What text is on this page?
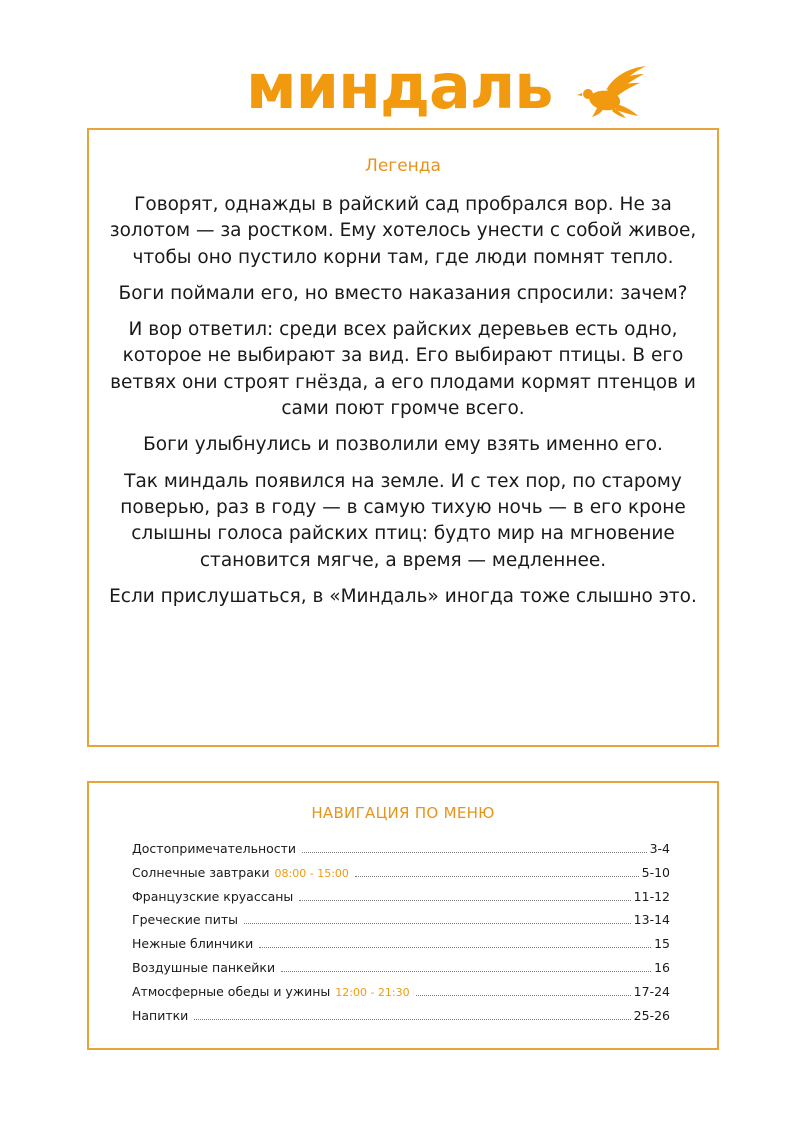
миндаль
Легенда

Говорят, однажды в райский сад пробрался вор. Не за золотом — за ростком. Ему хотелось унести с собой живое, чтобы оно пустило корни там, где люди помнят тепло.

Боги поймали его, но вместо наказания спросили: зачем?

И вор ответил: среди всех райских деревьев есть одно, которое не выбирают за вид. Его выбирают птицы. В его ветвях они строят гнёзда, а его плодами кормят птенцов и сами поют громче всего.

Боги улыбнулись и позволили ему взять именно его.

Так миндаль появился на земле. И с тех пор, по старому поверью, раз в году — в самую тихую ночь — в его кроне слышны голоса райских птиц: будто мир на мгновение становится мягче, а время — медленнее.

Если прислушаться, в «Миндаль» иногда тоже слышно это.

НАВИГАЦИЯ ПО МЕНЮ
Достопримечательности	3-4
Солнечные завтраки 08:00 - 15:00	5-10
Французские круассаны	11-12
Греческие питы	13-14
Нежные блинчики	15
Воздушные панкейки	16
Атмосферные обеды и ужины 12:00 - 21:30	17-24
Напитки	25-26
